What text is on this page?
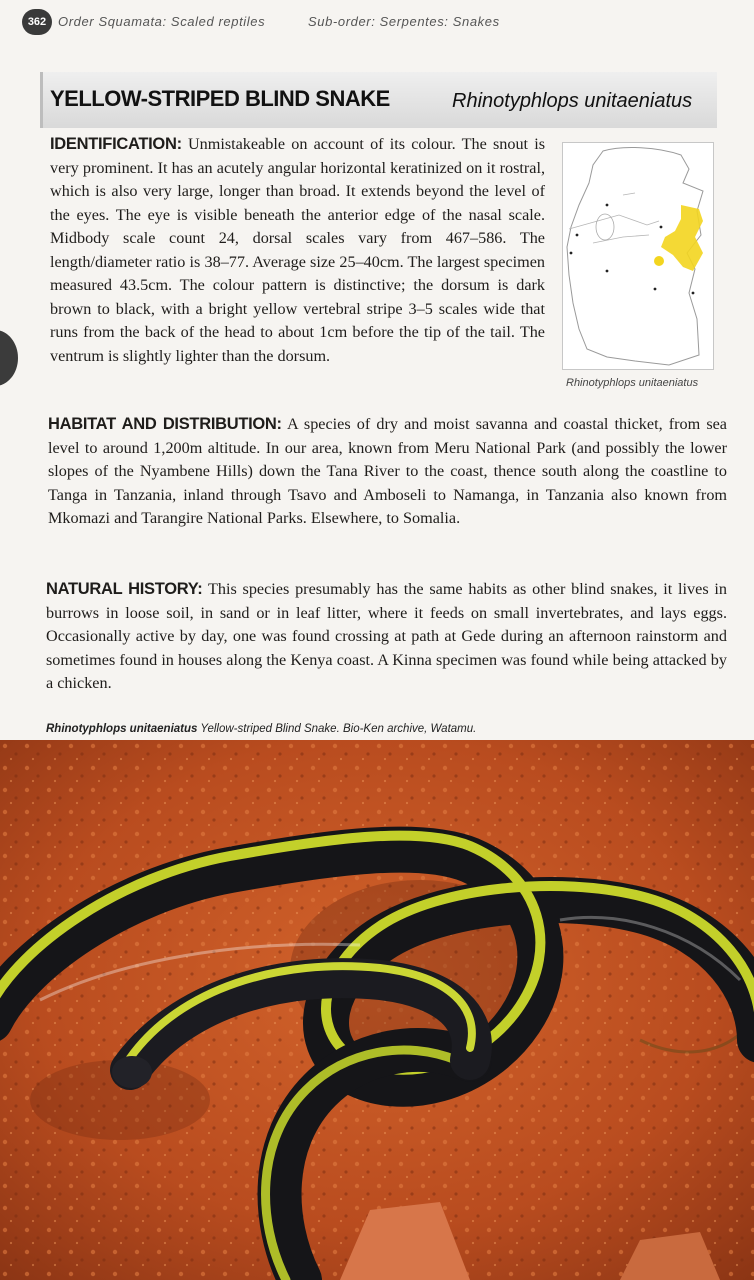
362 Order Squamata: Scaled reptiles	Sub-order: Serpentes: Snakes
YELLOW-STRIPED BLIND SNAKE	Rhinotyphlops unitaeniatus

IDENTIFICATION: Unmistakeable on account of its colour. The snout is very prominent. It has an acutely angular horizontal keratinized on it rostral, which is also very large, longer than broad. It extends beyond the level of the eyes. The eye is visible beneath the anterior edge of the nasal scale. Midbody scale count 24, dorsal scales vary from 467–586. The length/diameter ratio is 38–77. Average size 25–40cm. The largest specimen measured 43.5cm. The colour pattern is distinctive; the dorsum is dark brown to black, with a bright yellow vertebral stripe 3–5 scales wide that runs from the back of the head to about 1cm before the tip of the tail. The ventrum is slightly lighter than the dorsum.

Rhinotyphlops unitaeniatus

HABITAT AND DISTRIBUTION: A species of dry and moist savanna and coastal thicket, from sea level to around 1,200m altitude. In our area, known from Meru National Park (and possibly the lower slopes of the Nyambene Hills) down the Tana River to the coast, thence south along the coastline to Tanga in Tanzania, inland through Tsavo and Amboseli to Namanga, in Tanzania also known from Mkomazi and Tarangire National Parks. Elsewhere, to Somalia.

NATURAL HISTORY: This species presumably has the same habits as other blind snakes, it lives in burrows in loose soil, in sand or in leaf litter, where it feeds on small invertebrates, and lays eggs. Occasionally active by day, one was found crossing at path at Gede during an afternoon rainstorm and sometimes found in houses along the Kenya coast. A Kinna specimen was found while being attacked by a chicken.

Rhinotyphlops unitaeniatus Yellow-striped Blind Snake. Bio-Ken archive, Watamu.
